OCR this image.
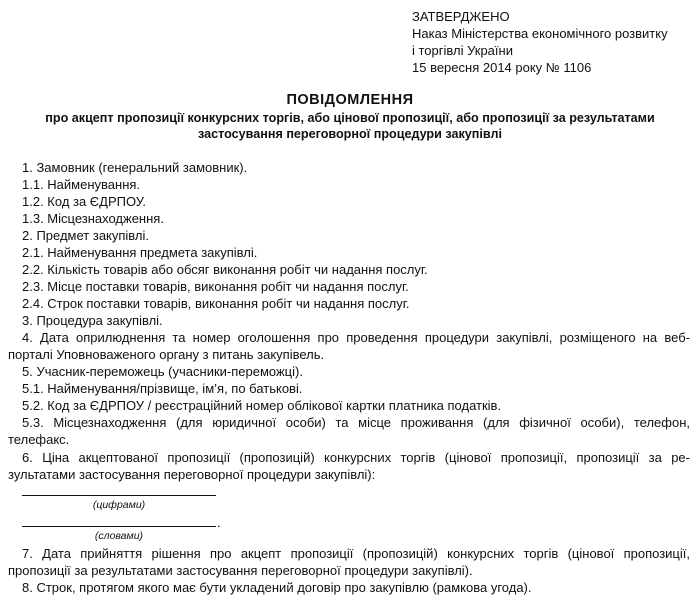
ЗАТВЕРДЖЕНО
Наказ Міністерства економічного розвитку
і торгівлі України
15 вересня 2014 року № 1106
ПОВІДОМЛЕННЯ
про акцепт пропозиції конкурсних торгів, або цінової пропозиції, або пропозиції за результатами
застосування переговорної процедури закупівлі
1. Замовник (генеральний замовник).
1.1. Найменування.
1.2. Код за ЄДРПОУ.
1.3. Місцезнаходження.
2. Предмет закупівлі.
2.1. Найменування предмета закупівлі.
2.2. Кількість товарів або обсяг виконання робіт чи надання послуг.
2.3. Місце поставки товарів, виконання робіт чи надання послуг.
2.4. Строк поставки товарів, виконання робіт чи надання послуг.
3. Процедура закупівлі.
4. Дата оприлюднення та номер оголошення про проведення процедури закупівлі, розміщеного на веб-
порталі Уповноваженого органу з питань закупівель.
5. Учасник-переможець (учасники-переможці).
5.1. Найменування/прізвище, ім’я, по батькові.
5.2. Код за ЄДРПОУ / реєстраційний номер облікової картки платника податків.
5.3. Місцезнаходження (для юридичної особи) та місце проживання (для фізичної особи), телефон,
телефакс.
6. Ціна акцептованої пропозиції (пропозицій) конкурсних торгів (цінової пропозиції, пропозиції за ре-
зультатами застосування переговорної процедури закупівлі):
(цифрами)
.
(словами)
7. Дата прийняття рішення про акцепт пропозиції (пропозицій) конкурсних торгів (цінової пропозиції,
пропозиції за результатами застосування переговорної процедури закупівлі).
8. Строк, протягом якого має бути укладений договір про закупівлю (рамкова угода).
